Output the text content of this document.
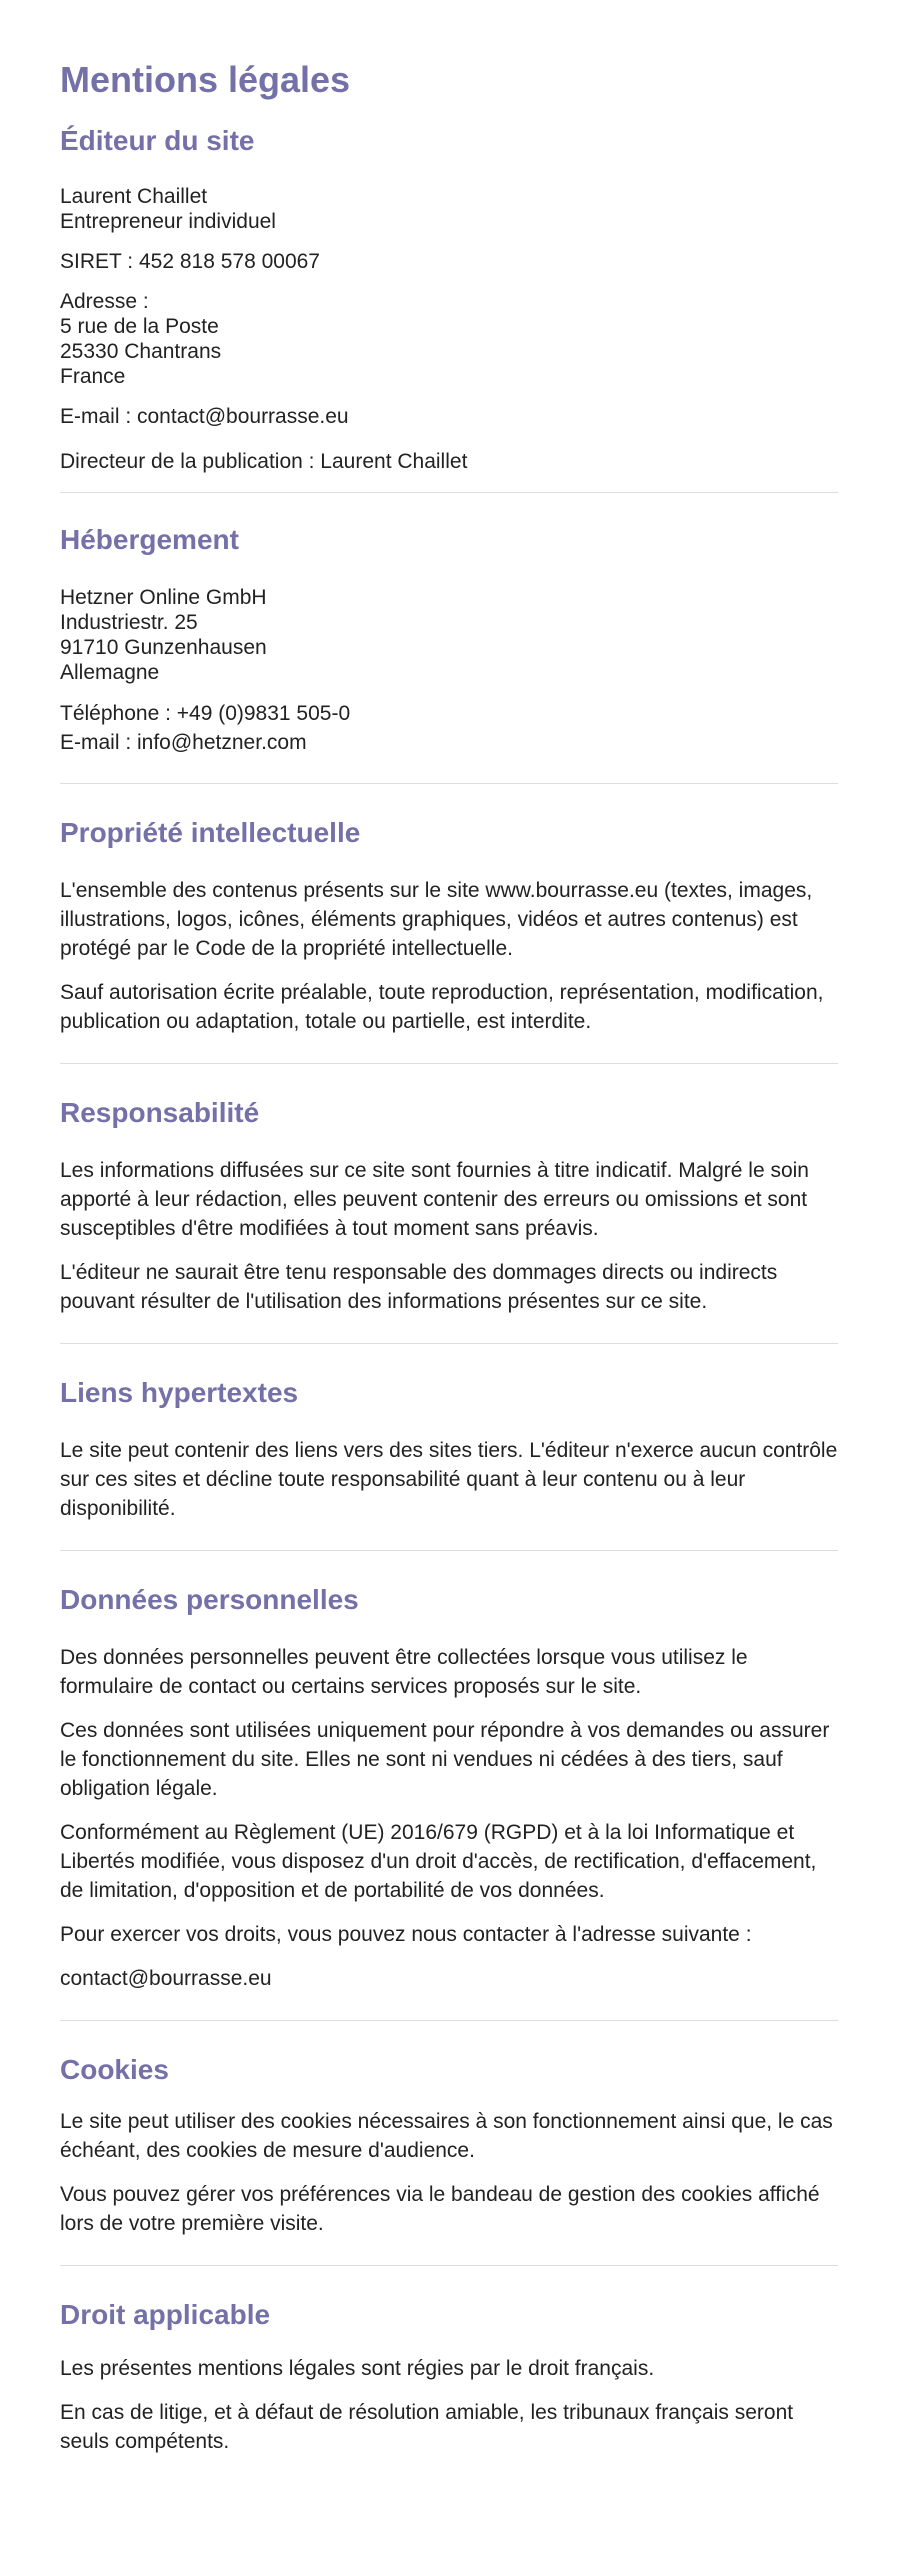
Mentions légales
Éditeur du site

Laurent Chaillet

Entrepreneur individuel

SIRET : 452 818 578 00067

Adresse :

5 rue de la Poste

25330 Chantrans

France

E-mail : contact@bourrasse.eu

Directeur de la publication : Laurent Chaillet

Hébergement

Hetzner Online GmbH

Industriestr. 25

91710 Gunzenhausen

Allemagne

Téléphone : +49 (0)9831 505-0

E-mail : info@hetzner.com

Propriété intellectuelle

L'ensemble des contenus présents sur le site www.bourrasse.eu (textes, images, illustrations, logos, icônes, éléments graphiques, vidéos et autres contenus) est protégé par le Code de la propriété intellectuelle.

Sauf autorisation écrite préalable, toute reproduction, représentation, modification, publication ou adaptation, totale ou partielle, est interdite.

Responsabilité

Les informations diffusées sur ce site sont fournies à titre indicatif. Malgré le soin apporté à leur rédaction, elles peuvent contenir des erreurs ou omissions et sont susceptibles d'être modifiées à tout moment sans préavis.

L'éditeur ne saurait être tenu responsable des dommages directs ou indirects pouvant résulter de l'utilisation des informations présentes sur ce site.

Liens hypertextes

Le site peut contenir des liens vers des sites tiers. L'éditeur n'exerce aucun contrôle sur ces sites et décline toute responsabilité quant à leur contenu ou à leur disponibilité.

Données personnelles

Des données personnelles peuvent être collectées lorsque vous utilisez le formulaire de contact ou certains services proposés sur le site.

Ces données sont utilisées uniquement pour répondre à vos demandes ou assurer le fonctionnement du site. Elles ne sont ni vendues ni cédées à des tiers, sauf obligation légale.

Conformément au Règlement (UE) 2016/679 (RGPD) et à la loi Informatique et Libertés modifiée, vous disposez d'un droit d'accès, de rectification, d'effacement, de limitation, d'opposition et de portabilité de vos données.

Pour exercer vos droits, vous pouvez nous contacter à l'adresse suivante :

contact@bourrasse.eu

Cookies

Le site peut utiliser des cookies nécessaires à son fonctionnement ainsi que, le cas échéant, des cookies de mesure d'audience.

Vous pouvez gérer vos préférences via le bandeau de gestion des cookies affiché lors de votre première visite.

Droit applicable

Les présentes mentions légales sont régies par le droit français.

En cas de litige, et à défaut de résolution amiable, les tribunaux français seront seuls compétents.
